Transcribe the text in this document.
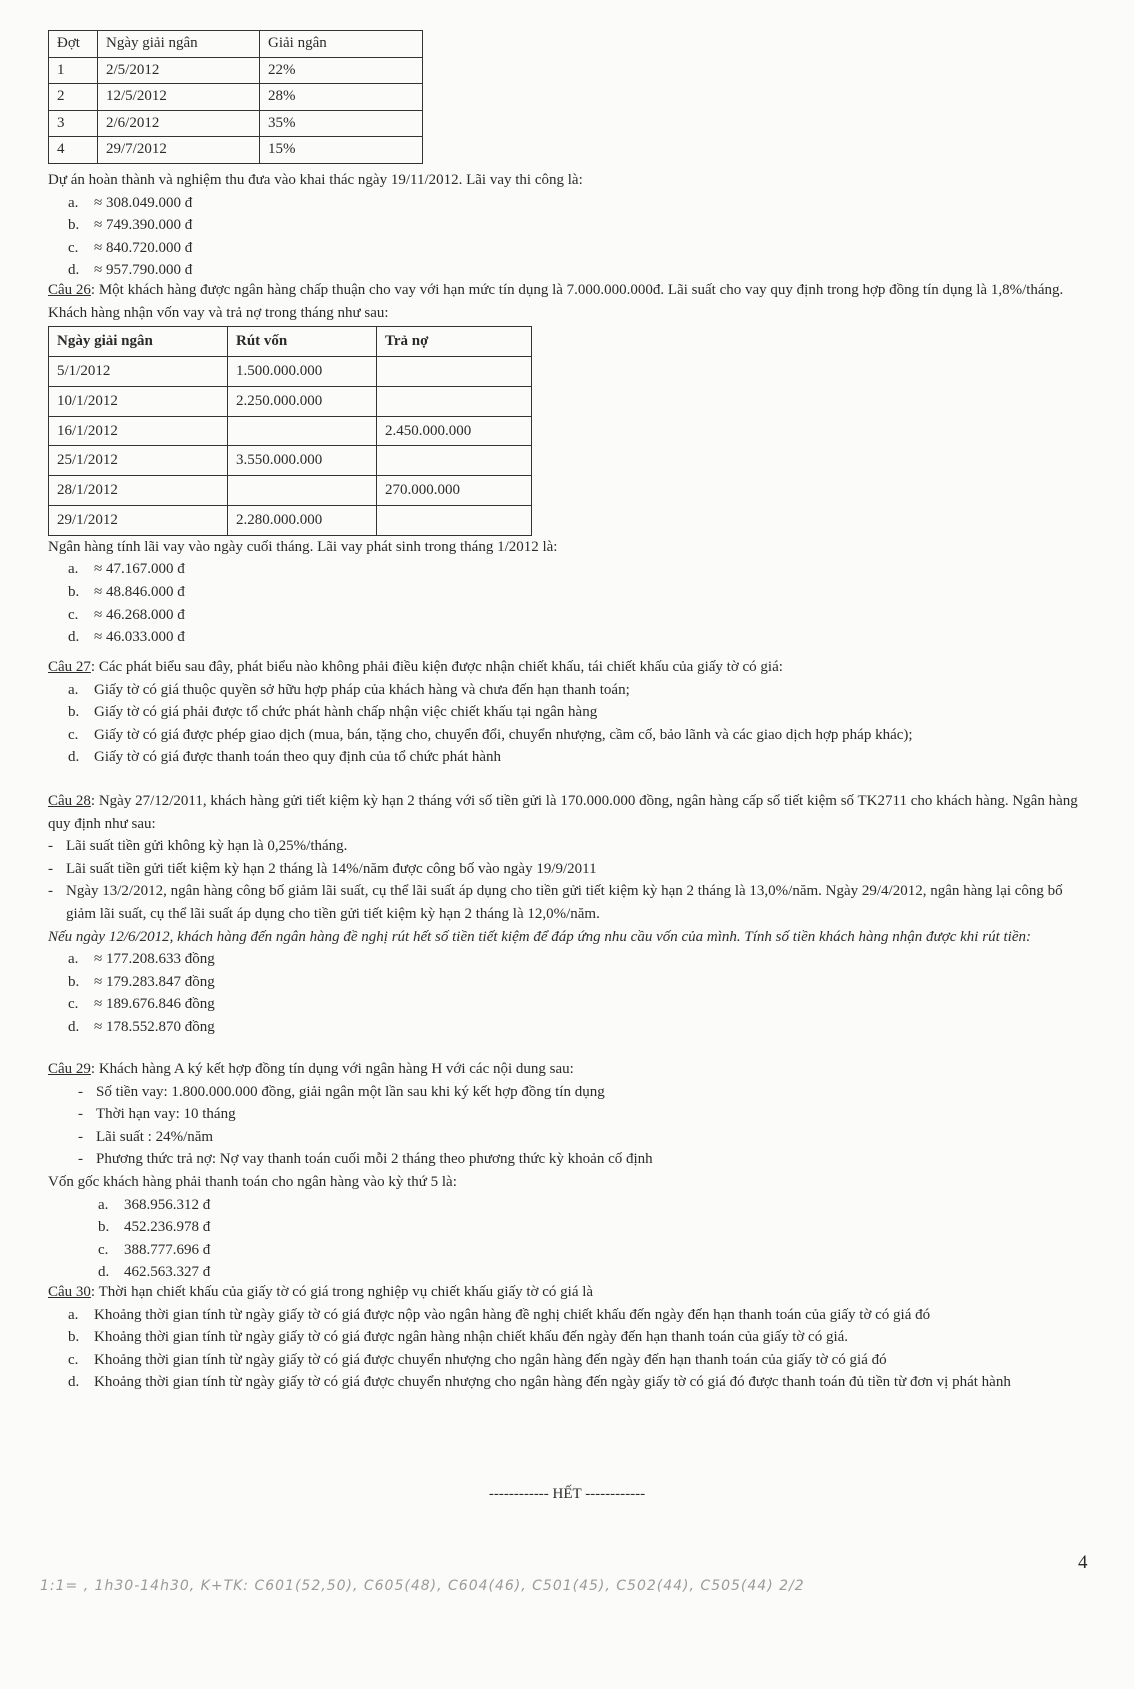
Đợt	Ngày giải ngân	Giải ngân
1	2/5/2012	22%
2	12/5/2012	28%
3	2/6/2012	35%
4	29/7/2012	15%
Dự án hoàn thành và nghiệm thu đưa vào khai thác ngày 19/11/2012. Lãi vay thi công là:
a.	≈ 308.049.000 đ
b. ≈ 749.390.000 đ
c.	≈ 840.720.000 đ
d. ≈ 957.790.000 đ
Câu 26: Một khách hàng được ngân hàng chấp thuận cho vay với hạn mức tín dụng là 7.000.000.000đ. Lãi suất cho vay quy định trong hợp đồng tín dụng là 1,8%/tháng. Khách hàng nhận vốn vay và trả nợ trong tháng như sau:
Ngày giải ngân	Rút vốn	Trả nợ
5/1/2012	1.500.000.000	
10/1/2012	2.250.000.000	
16/1/2012		2.450.000.000
25/1/2012	3.550.000.000	
28/1/2012		270.000.000
29/1/2012	2.280.000.000	
Ngân hàng tính lãi vay vào ngày cuối tháng. Lãi vay phát sinh trong tháng 1/2012 là:
a.	≈ 47.167.000 đ
b. ≈ 48.846.000 đ
c.	≈ 46.268.000 đ
d. ≈ 46.033.000 đ
Câu 27: Các phát biểu sau đây, phát biểu nào không phải điều kiện được nhận chiết khấu, tái chiết khấu của giấy tờ có giá:
a.	Giấy tờ có giá thuộc quyền sở hữu hợp pháp của khách hàng và chưa đến hạn thanh toán;
b. Giấy tờ có giá phải được tổ chức phát hành chấp nhận việc chiết khấu tại ngân hàng
c.	Giấy tờ có giá được phép giao dịch (mua, bán, tặng cho, chuyển đổi, chuyển nhượng, cầm cố, bảo lãnh và các giao dịch hợp pháp khác);
d. Giấy tờ có giá được thanh toán theo quy định của tổ chức phát hành
Câu 28: Ngày 27/12/2011, khách hàng gửi tiết kiệm kỳ hạn 2 tháng với số tiền gửi là 170.000.000 đồng, ngân hàng cấp sổ tiết kiệm số TK2711 cho khách hàng. Ngân hàng quy định như sau:
- Lãi suất tiền gửi không kỳ hạn là 0,25%/tháng.
- Lãi suất tiền gửi tiết kiệm kỳ hạn 2 tháng là 14%/năm được công bố vào ngày 19/9/2011
- Ngày 13/2/2012, ngân hàng công bố giảm lãi suất, cụ thể lãi suất áp dụng cho tiền gửi tiết kiệm kỳ hạn 2 tháng là 13,0%/năm. Ngày 29/4/2012, ngân hàng lại công bố giảm lãi suất, cụ thể lãi suất áp dụng cho tiền gửi tiết kiệm kỳ hạn 2 tháng là 12,0%/năm.
Nếu ngày 12/6/2012, khách hàng đến ngân hàng đề nghị rút hết số tiền tiết kiệm để đáp ứng nhu cầu vốn của mình. Tính số tiền khách hàng nhận được khi rút tiền:
a.	≈ 177.208.633 đồng
b. ≈ 179.283.847 đồng
c.	≈ 189.676.846 đồng
d. ≈ 178.552.870 đồng
Câu 29: Khách hàng A ký kết hợp đồng tín dụng với ngân hàng H với các nội dung sau:
- Số tiền vay: 1.800.000.000 đồng, giải ngân một lần sau khi ký kết hợp đồng tín dụng
- Thời hạn vay: 10 tháng
- Lãi suất : 24%/năm
- Phương thức trả nợ: Nợ vay thanh toán cuối mỗi 2 tháng theo phương thức kỳ khoản cố định
Vốn gốc khách hàng phải thanh toán cho ngân hàng vào kỳ thứ 5 là:
a.	368.956.312 đ
b. 452.236.978 đ
c.	388.777.696 đ
d. 462.563.327 đ
Câu 30: Thời hạn chiết khấu của giấy tờ có giá trong nghiệp vụ chiết khấu giấy tờ có giá là
a.	Khoảng thời gian tính từ ngày giấy tờ có giá được nộp vào ngân hàng đề nghị chiết khấu đến ngày đến hạn thanh toán của giấy tờ có giá đó
b. Khoảng thời gian tính từ ngày giấy tờ có giá được ngân hàng nhận chiết khấu đến ngày đến hạn thanh toán của giấy tờ có giá.
c.	Khoảng thời gian tính từ ngày giấy tờ có giá được chuyển nhượng cho ngân hàng đến ngày đến hạn thanh toán của giấy tờ có giá đó
d. Khoảng thời gian tính từ ngày giấy tờ có giá được chuyển nhượng cho ngân hàng đến ngày giấy tờ có giá đó được thanh toán đủ tiền từ đơn vị phát hành
------------ HẾT ------------
1:1= , 1h30-14h30, K+TK: C601(52,50), C605(48), C604(46), C501(45), C502(44), C505(44) 2/2
4
